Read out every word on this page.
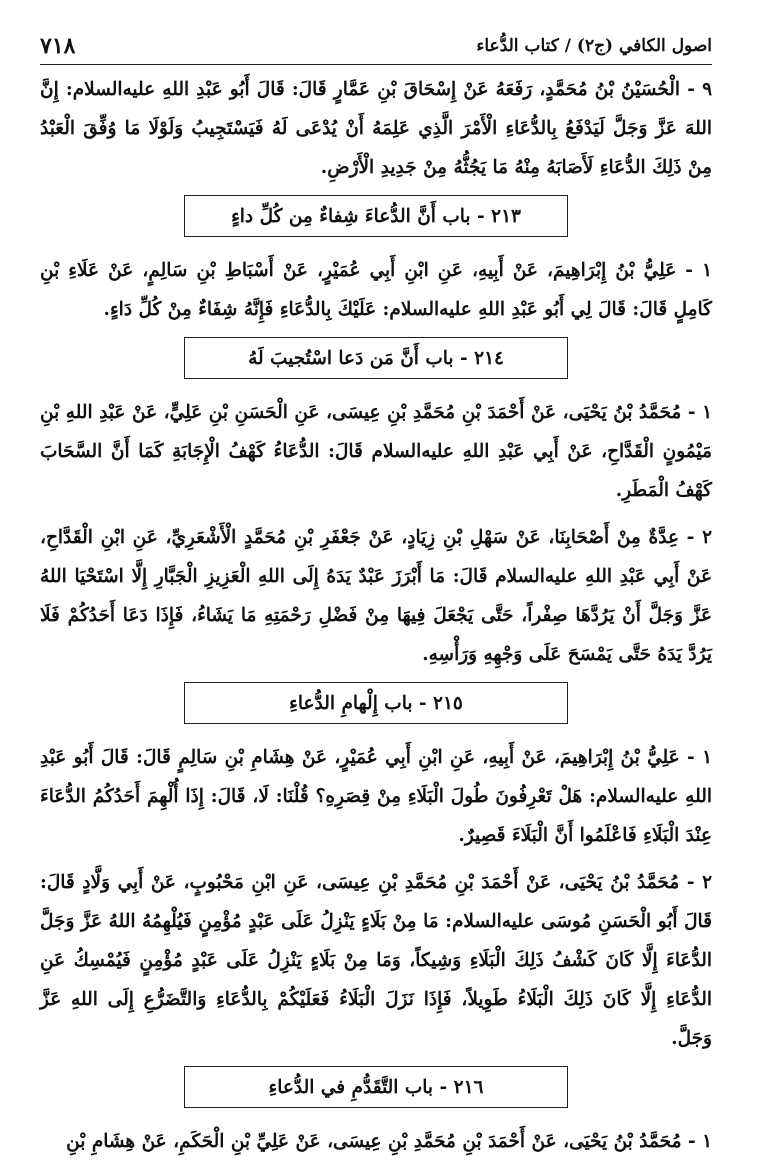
٧١٨	اصول الكافي (ج٢) / كتاب الدُّعاء

٩ - الْحُسَيْنُ بْنُ مُحَمَّدٍ، رَفَعَهُ عَنْ إِسْحَاقَ بْنِ عَمَّارٍ قَالَ: قَالَ أَبُو عَبْدِ اللهِ عليه‌السلام: إِنَّ اللهَ عَزَّ وَجَلَّ لَيَدْفَعُ بِالدُّعَاءِ الْأَمْرَ الَّذِي عَلِمَهُ أَنْ يُدْعَى لَهُ فَيَسْتَجِيبُ وَلَوْلَا مَا وُفِّقَ الْعَبْدُ مِنْ ذَلِكَ الدُّعَاءِ لَأَصَابَهُ مِنْهُ مَا يَجُثُّهُ مِنْ جَدِيدِ الْأَرْضِ.

٢١٣ - باب أَنَّ الدُّعاءَ شِفاءٌ مِن كُلِّ داءٍ

١ - عَلِيُّ بْنُ إِبْرَاهِيمَ، عَنْ أَبِيهِ، عَنِ ابْنِ أَبِي عُمَيْرٍ، عَنْ أَسْبَاطِ بْنِ سَالِمٍ، عَنْ عَلَاءِ بْنِ كَامِلٍ قَالَ: قَالَ لِي أَبُو عَبْدِ اللهِ عليه‌السلام: عَلَيْكَ بِالدُّعَاءِ فَإِنَّهُ شِفَاءٌ مِنْ كُلِّ دَاءٍ.

٢١٤ - باب أَنَّ مَن دَعا اسْتُجيبَ لَهُ

١ - مُحَمَّدُ بْنُ يَحْيَى، عَنْ أَحْمَدَ بْنِ مُحَمَّدِ بْنِ عِيسَى، عَنِ الْحَسَنِ بْنِ عَلِيٍّ، عَنْ عَبْدِ اللهِ بْنِ مَيْمُونٍ الْقَدَّاحِ، عَنْ أَبِي عَبْدِ اللهِ عليه‌السلام قَالَ: الدُّعَاءُ كَهْفُ الْإِجَابَةِ كَمَا أَنَّ السَّحَابَ كَهْفُ الْمَطَرِ.

٢ - عِدَّةٌ مِنْ أَصْحَابِنَا، عَنْ سَهْلِ بْنِ زِيَادٍ، عَنْ جَعْفَرِ بْنِ مُحَمَّدٍ الْأَشْعَرِيِّ، عَنِ ابْنِ الْقَدَّاحِ، عَنْ أَبِي عَبْدِ اللهِ عليه‌السلام قَالَ: مَا أَبْرَزَ عَبْدٌ يَدَهُ إِلَى اللهِ الْعَزِيزِ الْجَبَّارِ إِلَّا اسْتَحْيَا اللهُ عَزَّ وَجَلَّ أَنْ يَرُدَّهَا صِفْراً، حَتَّى يَجْعَلَ فِيهَا مِنْ فَضْلِ رَحْمَتِهِ مَا يَشَاءُ، فَإِذَا دَعَا أَحَدُكُمْ فَلَا يَرُدَّ يَدَهُ حَتَّى يَمْسَحَ عَلَى وَجْهِهِ وَرَأْسِهِ.

٢١٥ - باب إِلْهامِ الدُّعاءِ

١ - عَلِيُّ بْنُ إِبْرَاهِيمَ، عَنْ أَبِيهِ، عَنِ ابْنِ أَبِي عُمَيْرٍ، عَنْ هِشَامِ بْنِ سَالِمٍ قَالَ: قَالَ أَبُو عَبْدِ اللهِ عليه‌السلام: هَلْ تَعْرِفُونَ طُولَ الْبَلَاءِ مِنْ قِصَرِهِ؟ قُلْنَا: لَا، قَالَ: إِذَا أُلْهِمَ أَحَدُكُمُ الدُّعَاءَ عِنْدَ الْبَلَاءِ فَاعْلَمُوا أَنَّ الْبَلَاءَ قَصِيرٌ.

٢ - مُحَمَّدُ بْنُ يَحْيَى، عَنْ أَحْمَدَ بْنِ مُحَمَّدِ بْنِ عِيسَى، عَنِ ابْنِ مَحْبُوبٍ، عَنْ أَبِي وَلَّادٍ قَالَ: قَالَ أَبُو الْحَسَنِ مُوسَى عليه‌السلام: مَا مِنْ بَلَاءٍ يَنْزِلُ عَلَى عَبْدٍ مُؤْمِنٍ فَيُلْهِمُهُ اللهُ عَزَّ وَجَلَّ الدُّعَاءَ إِلَّا كَانَ كَشْفُ ذَلِكَ الْبَلَاءِ وَشِيكاً، وَمَا مِنْ بَلَاءٍ يَنْزِلُ عَلَى عَبْدٍ مُؤْمِنٍ فَيُمْسِكُ عَنِ الدُّعَاءِ إِلَّا كَانَ ذَلِكَ الْبَلَاءُ طَوِيلاً، فَإِذَا نَزَلَ الْبَلَاءُ فَعَلَيْكُمْ بِالدُّعَاءِ وَالتَّضَرُّعِ إِلَى اللهِ عَزَّ وَجَلَّ.

٢١٦ - باب التَّقَدُّمِ في الدُّعاءِ

١ - مُحَمَّدُ بْنُ يَحْيَى، عَنْ أَحْمَدَ بْنِ مُحَمَّدِ بْنِ عِيسَى، عَنْ عَلِيِّ بْنِ الْحَكَمِ، عَنْ هِشَامِ بْنِ
